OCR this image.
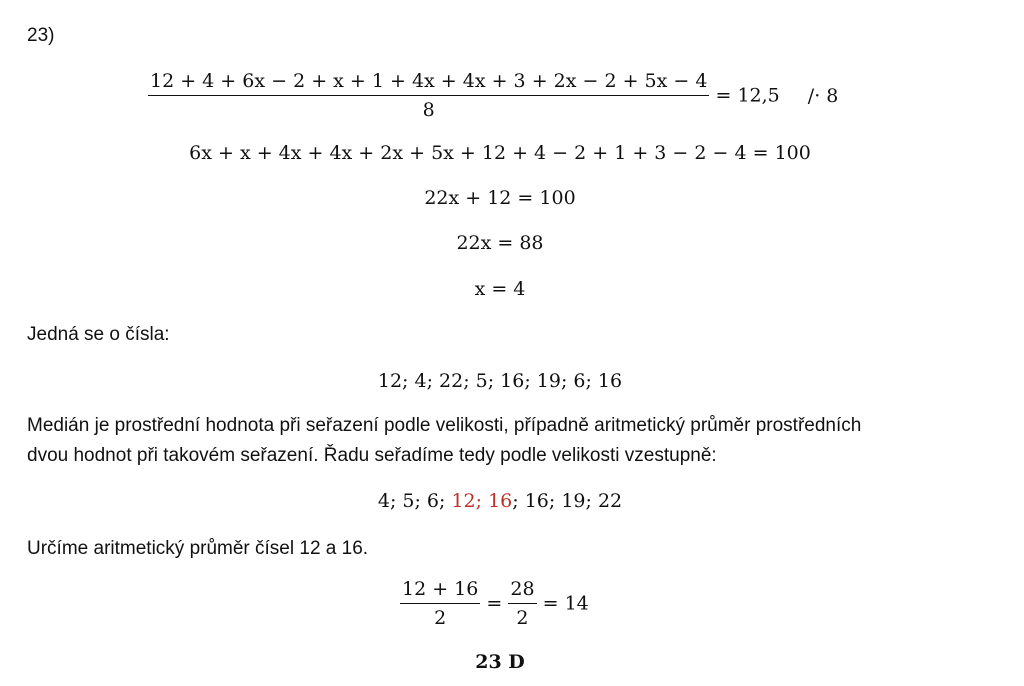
23)
$\frac{12 + 4 + 6x - 2 + x + 1 + 4x + 4x + 3 + 2x - 2 + 5x - 4}{8} = 12,5 /\cdot 8$
6x + x + 4x + 4x + 2x + 5x + 12 + 4 − 2 + 1 + 3 − 2 − 4 = 100
22x + 12 = 100
22x = 88
x = 4
Jedná se o čísla:
12; 4; 22; 5; 16; 19; 6; 16
Medián je prostřední hodnota při seřazení podle velikosti, případně aritmetický průměr prostředních
dvou hodnot při takovém seřazení. Řadu seřadíme tedy podle velikosti vzestupně:
4; 5; 6; 12; 16; 16; 19; 22
Určíme aritmetický průměr čísel 12 a 16.
$\frac{12 + 16}{2} = \frac{28}{2} = 14$
23 D
